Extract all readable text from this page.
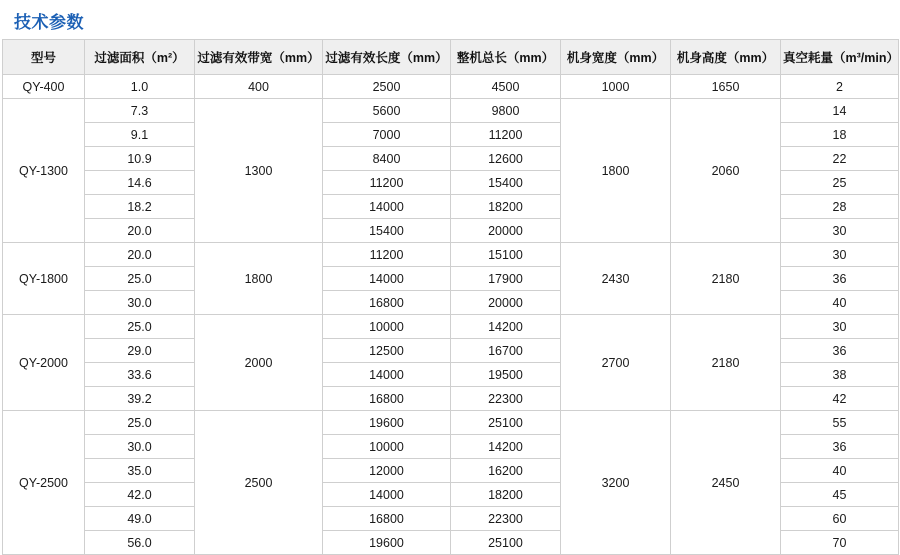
技术参数
型号	过滤面积（m²）	过滤有效带宽（mm）	过滤有效长度（mm）	整机总长（mm）	机身宽度（mm）	机身高度（mm）	真空耗量（m³/min）
QY-400	1.0	400	2500	4500	1000	1650	2
QY-1300	7.3	1300	5600	9800	1800	2060	14
	9.1		7000	11200			18
	10.9		8400	12600			22
	14.6		11200	15400			25
	18.2		14000	18200			28
	20.0		15400	20000			30
QY-1800	20.0	1800	11200	15100	2430	2180	30
	25.0		14000	17900			36
	30.0		16800	20000			40
QY-2000	25.0	2000	10000	14200	2700	2180	30
	29.0		12500	16700			36
	33.6		14000	19500			38
	39.2		16800	22300			42
QY-2500	25.0	2500	19600	25100	3200	2450	55
	30.0		10000	14200			36
	35.0		12000	16200			40
	42.0		14000	18200			45
	49.0		16800	22300			60
	56.0		19600	25100			70
